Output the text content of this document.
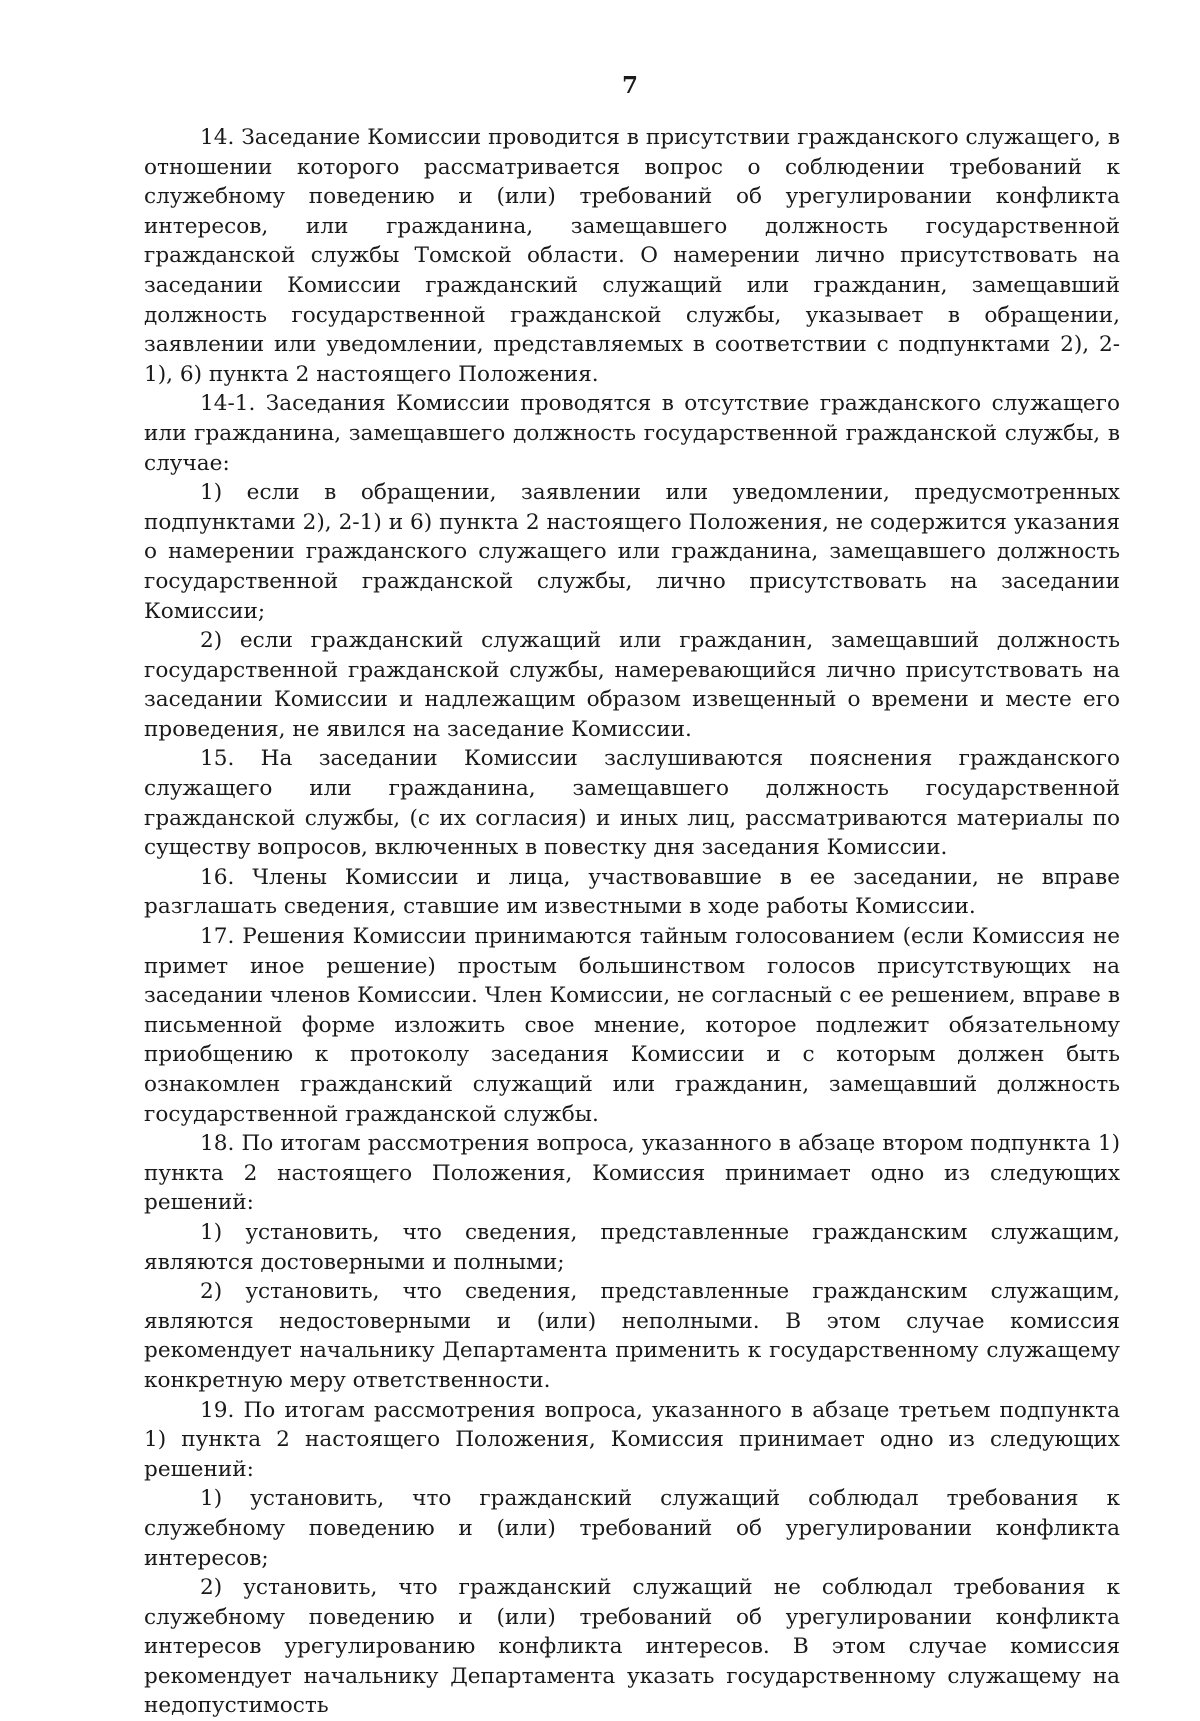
7

14. Заседание Комиссии проводится в присутствии гражданского служащего, в отношении которого рассматривается вопрос о соблюдении требований к служебному поведению и (или) требований об урегулировании конфликта интересов, или гражданина, замещавшего должность государственной гражданской службы Томской области. О намерении лично присутствовать на заседании Комиссии гражданский служащий или гражданин, замещавший должность государственной гражданской службы, указывает в обращении, заявлении или уведомлении, представляемых в соответствии с подпунктами 2), 2-1), 6) пункта 2 настоящего Положения.

14-1. Заседания Комиссии проводятся в отсутствие гражданского служащего или гражданина, замещавшего должность государственной гражданской службы, в случае:

1) если в обращении, заявлении или уведомлении, предусмотренных подпунктами 2), 2-1) и 6) пункта 2 настоящего Положения, не содержится указания о намерении гражданского служащего или гражданина, замещавшего должность государственной гражданской службы, лично присутствовать на заседании Комиссии;

2) если гражданский служащий или гражданин, замещавший должность государственной гражданской службы, намеревающийся лично присутствовать на заседании Комиссии и надлежащим образом извещенный о времени и месте его проведения, не явился на заседание Комиссии.

15. На заседании Комиссии заслушиваются пояснения гражданского служащего или гражданина, замещавшего должность государственной гражданской службы, (с их согласия) и иных лиц, рассматриваются материалы по существу вопросов, включенных в повестку дня заседания Комиссии.

16. Члены Комиссии и лица, участвовавшие в ее заседании, не вправе разглашать сведения, ставшие им известными в ходе работы Комиссии.

17. Решения Комиссии принимаются тайным голосованием (если Комиссия не примет иное решение) простым большинством голосов присутствующих на заседании членов Комиссии. Член Комиссии, не согласный с ее решением, вправе в письменной форме изложить свое мнение, которое подлежит обязательному приобщению к протоколу заседания Комиссии и с которым должен быть ознакомлен гражданский служащий или гражданин, замещавший должность государственной гражданской службы.

18. По итогам рассмотрения вопроса, указанного в абзаце втором подпункта 1) пункта 2 настоящего Положения, Комиссия принимает одно из следующих решений:

1) установить, что сведения, представленные гражданским служащим, являются достоверными и полными;

2) установить, что сведения, представленные гражданским служащим, являются недостоверными и (или) неполными. В этом случае комиссия рекомендует начальнику Департамента применить к государственному служащему конкретную меру ответственности.

19. По итогам рассмотрения вопроса, указанного в абзаце третьем подпункта 1) пункта 2 настоящего Положения, Комиссия принимает одно из следующих решений:

1) установить, что гражданский служащий соблюдал требования к служебному поведению и (или) требований об урегулировании конфликта интересов;

2) установить, что гражданский служащий не соблюдал требования к служебному поведению и (или) требований об урегулировании конфликта интересов урегулированию конфликта интересов. В этом случае комиссия рекомендует начальнику Департамента указать государственному служащему на недопустимость
